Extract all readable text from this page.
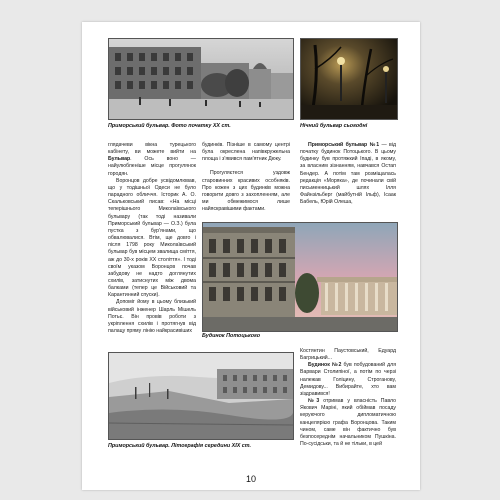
Приморський бульвар. Фото початку XX ст.	Нічний бульвар сьогодні

глядачеви вікна турецького кабінету, ви можете вийти на Бульвар. Ось воно — найулюбленіше місце прогулянок городян.

Воронцов добре усвідомлював, що у тодішньої Одеси не було парадного обличчя. Історик А. О. Скальковський писав: «На місці теперішнього Миколаївського бульвару (так тоді називали Приморський бульвар — О.З.) була пустка з бур'янами, що обвалювалися. Втім, ще довго і після 1798 року Миколаївський бульвар був місцем звалища сміття, аж до 30-х років XX століття». І тоді своїм указом Воронцов почав забудову не надто доглянутих схилів, затиснутих між двома балками (тепер це Військовий та Карантинний спуски).

Допоміг йому в цьому близький військовий інженер Шарль Мішель Потьє. Він провів роботи з укріплення схилів і протягнув від палацу пряму лінію найкрасивіших

будинків. Пізніше в самому центрі була окреслена напівкружельна площа і з'явився пам'ятник Дюку.

Прогуляєтеся уздовж старовинних красивих особняків. Про кожен з цих будинків можна говорити довго з захопленням, але ми обмежимося лише найяскравішими фактами.

Приморський бульвар №1 — від початку будинок Потоцького. В цьому будинку був протяжкий Іпаді, в якому, за власним зізнанням, навчався Остап Бендер. А потім там розміщалась редакція «Моряка», де починали свій письменницький шлях Ілля Файнзільберг (майбутній Ільф), Ісаак Бабель, Юрій Олеша,

Будинок Потоцького

Костянтин Паустовський, Едуард Багрицький...

Будинок №2 був побудований для Варвари Столипіної, а потім по черзі належав Голіцину, Строганову, Демидову... Вибирайте, хто вам зіздравився!

№3 отримав у власність Павло Якович Маріні, який обіймав посаду керуючого дипломатичною канцелярією графа Воронцова. Таким чином, саме він фактично був безпосереднім начальником Пушкіна. По-сусідськи, та й не тільки, в цей

Приморський бульвар. Літографія середини XIX ст.
10
